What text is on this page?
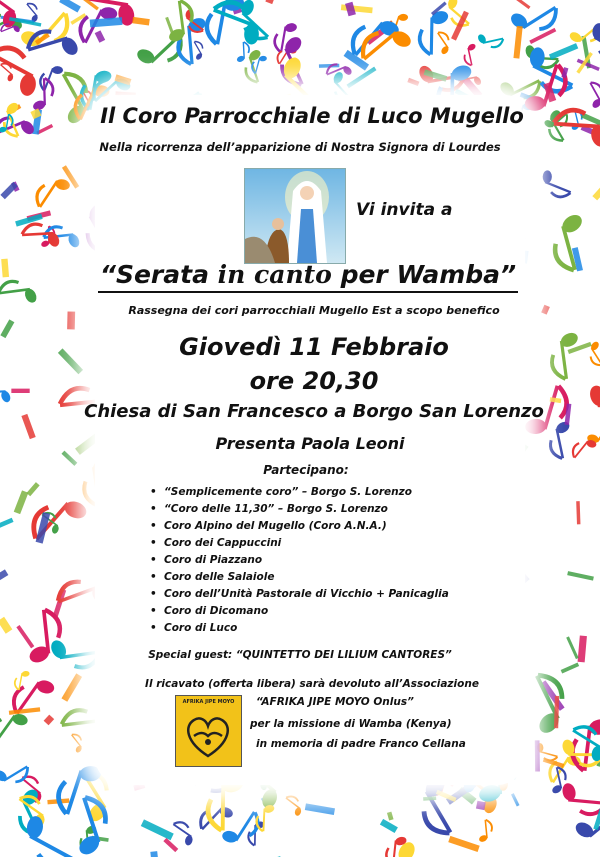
Il Coro Parrocchiale di Luco Mugello
Nella ricorrenza dell’apparizione di Nostra Signora di Lourdes
Vi invita a
“Serata in canto per Wamba”
Rassegna dei cori parrocchiali Mugello Est a scopo benefico
Giovedì 11 Febbraio
ore 20,30
Chiesa di San Francesco a Borgo San Lorenzo
Presenta Paola Leoni
Partecipano:
• “Semplicemente coro” – Borgo S. Lorenzo
• “Coro delle 11,30” – Borgo S. Lorenzo
• Coro Alpino del Mugello (Coro A.N.A.)
• Coro dei Cappuccini
• Coro di Piazzano
• Coro delle Salaiole
• Coro dell’Unità Pastorale di Vicchio + Panicaglia
• Coro di Dicomano
• Coro di Luco
Special guest: “QUINTETTO DEI LILIUM CANTORES”
Il ricavato (offerta libera) sarà devoluto all’Associazione
AFRIKA JIPE MOYO	“AFRIKA JIPE MOYO Onlus”
per la missione di Wamba (Kenya)
in memoria di padre Franco Cellana
